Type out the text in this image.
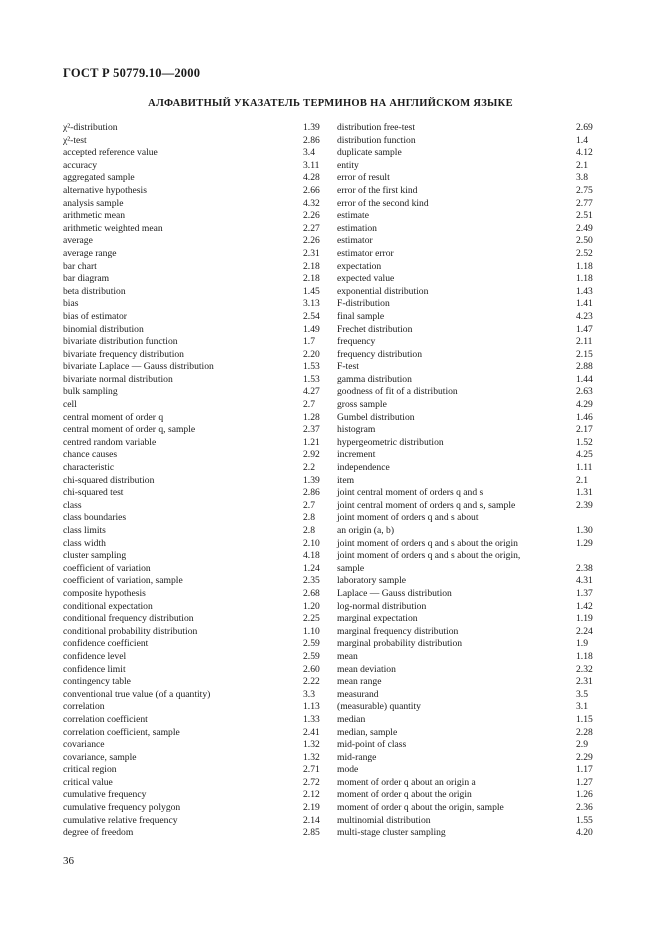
ГОСТ Р 50779.10—2000
АЛФАВИТНЫЙ УКАЗАТЕЛЬ ТЕРМИНОВ НА АНГЛИЙСКОМ ЯЗЫКЕ
χ²-distribution	1.39
χ²-test	2.86
accepted reference value	3.4
accuracy	3.11
aggregated sample	4.28
alternative hypothesis	2.66
analysis sample	4.32
arithmetic mean	2.26
arithmetic weighted mean	2.27
average	2.26
average range	2.31
bar chart	2.18
bar diagram	2.18
beta distribution	1.45
bias	3.13
bias of estimator	2.54
binomial distribution	1.49
bivariate distribution function	1.7
bivariate frequency distribution	2.20
bivariate Laplace — Gauss distribution	1.53
bivariate normal distribution	1.53
bulk sampling	4.27
cell	2.7
central moment of order q	1.28
central moment of order q, sample	2.37
centred random variable	1.21
chance causes	2.92
characteristic	2.2
chi-squared distribution	1.39
chi-squared test	2.86
class	2.7
class boundaries	2.8
class limits	2.8
class width	2.10
cluster sampling	4.18
coefficient of variation	1.24
coefficient of variation, sample	2.35
composite hypothesis	2.68
conditional expectation	1.20
conditional frequency distribution	2.25
conditional probability distribution	1.10
confidence coefficient	2.59
confidence level	2.59
confidence limit	2.60
contingency table	2.22
conventional true value (of a quantity)	3.3
correlation	1.13
correlation coefficient	1.33
correlation coefficient, sample	2.41
covariance	1.32
covariance, sample	1.32
critical region	2.71
critical value	2.72
cumulative frequency	2.12
cumulative frequency polygon	2.19
cumulative relative frequency	2.14
degree of freedom	2.85
distribution free-test	2.69
distribution function	1.4
duplicate sample	4.12
entity	2.1
error of result	3.8
error of the first kind	2.75
error of the second kind	2.77
estimate	2.51
estimation	2.49
estimator	2.50
estimator error	2.52
expectation	1.18
expected value	1.18
exponential distribution	1.43
F-distribution	1.41
final sample	4.23
Frechet distribution	1.47
frequency	2.11
frequency distribution	2.15
F-test	2.88
gamma distribution	1.44
goodness of fit of a distribution	2.63
gross sample	4.29
Gumbel distribution	1.46
histogram	2.17
hypergeometric distribution	1.52
increment	4.25
independence	1.11
item	2.1
joint central moment of orders q and s	1.31
joint central moment of orders q and s, sample	2.39
joint moment of orders q and s about
an origin (a, b)	1.30
joint moment of orders q and s about the origin	1.29
joint moment of orders q and s about the origin,
sample	2.38
laboratory sample	4.31
Laplace — Gauss distribution	1.37
log-normal distribution	1.42
marginal expectation	1.19
marginal frequency distribution	2.24
marginal probability distribution	1.9
mean	1.18
mean deviation	2.32
mean range	2.31
measurand	3.5
(measurable) quantity	3.1
median	1.15
median, sample	2.28
mid-point of class	2.9
mid-range	2.29
mode	1.17
moment of order q about an origin a	1.27
moment of order q about the origin	1.26
moment of order q about the origin, sample	2.36
multinomial distribution	1.55
multi-stage cluster sampling	4.20
36
